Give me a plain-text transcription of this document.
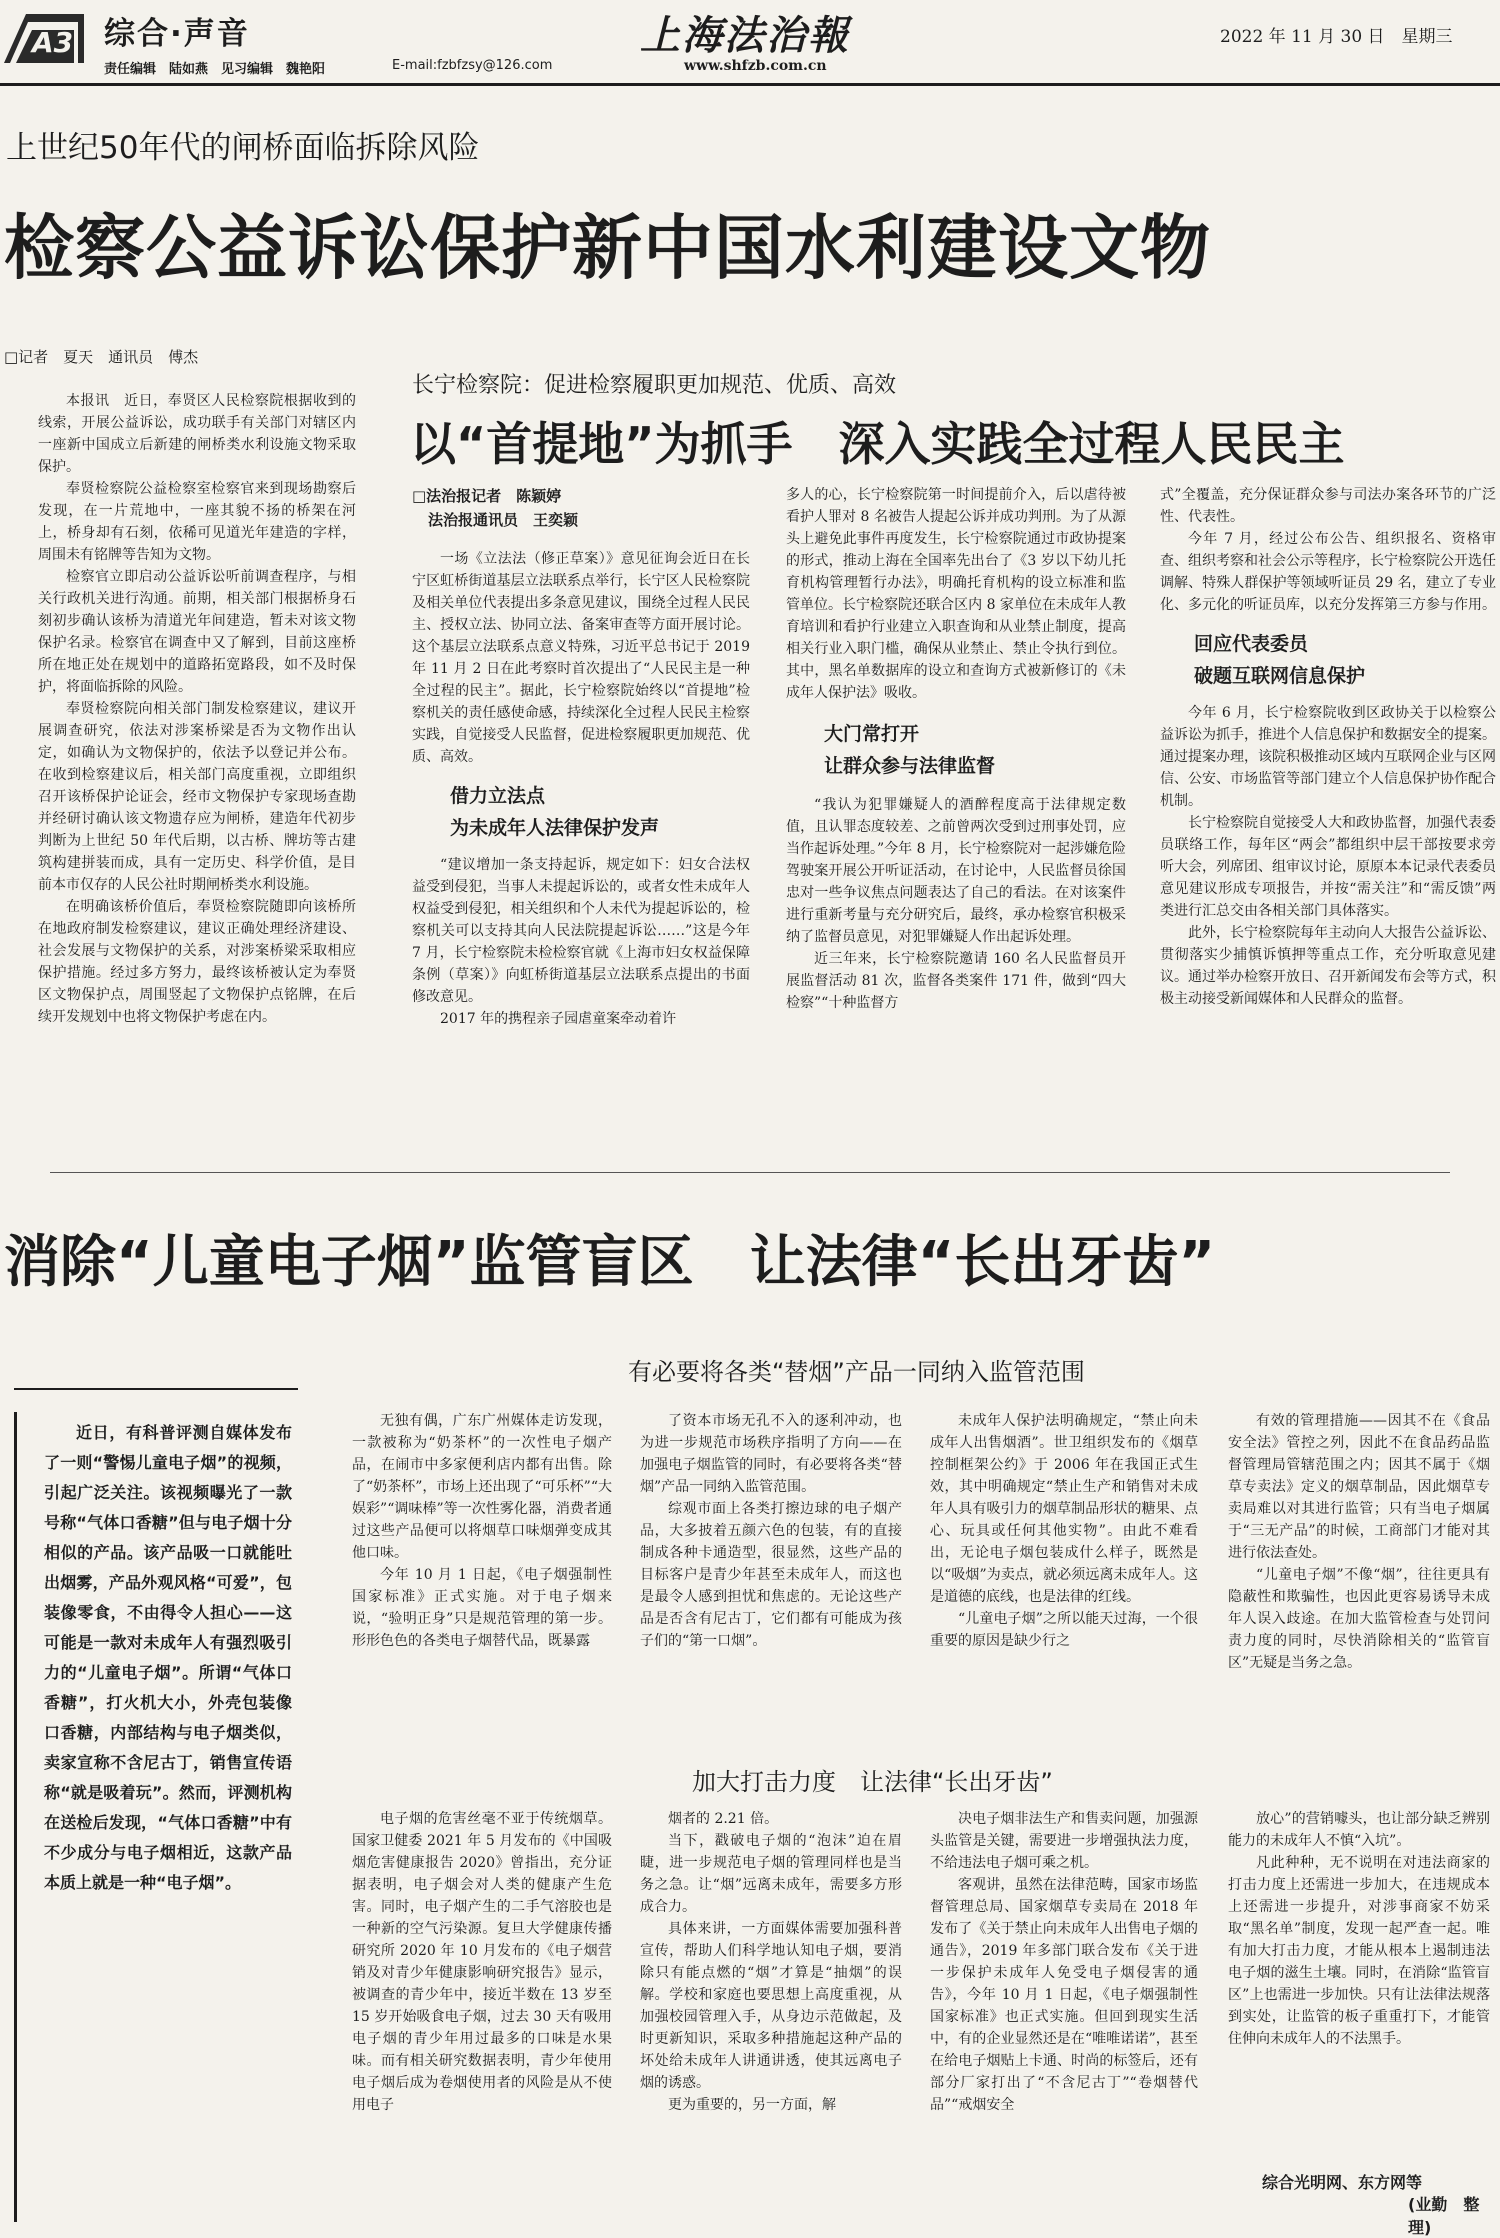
A3 综合·声音
责任编辑　陆如燕　见习编辑　魏艳阳	E-mail:fzbfzsy@126.com
上海法治報
www.shfzb.com.cn
2022 年 11 月 30 日　星期三
上世纪50年代的闸桥面临拆除风险
检察公益诉讼保护新中国水利建设文物
□记者　夏天　通讯员　傅杰

本报讯　近日，奉贤区人民检察院根据收到的线索，开展公益诉讼，成功联手有关部门对辖区内一座新中国成立后新建的闸桥类水利设施文物采取保护。

奉贤检察院公益检察室检察官来到现场勘察后发现，在一片荒地中，一座其貌不扬的桥架在河上，桥身却有石刻，依稀可见道光年建造的字样，周围未有铭牌等告知为文物。

检察官立即启动公益诉讼听前调查程序，与相关行政机关进行沟通。前期，相关部门根据桥身石刻初步确认该桥为清道光年间建造，暂未对该文物保护名录。检察官在调查中又了解到，目前这座桥所在地正处在规划中的道路拓宽路段，如不及时保护，将面临拆除的风险。

奉贤检察院向相关部门制发检察建议，建议开展调查研究，依法对涉案桥梁是否为文物作出认定，如确认为文物保护的，依法予以登记并公布。在收到检察建议后，相关部门高度重视，立即组织召开该桥保护论证会，经市文物保护专家现场查勘并经研讨确认该文物遗存应为闸桥，建造年代初步判断为上世纪 50 年代后期，以古桥、牌坊等古建筑构建拼装而成，具有一定历史、科学价值，是目前本市仅存的人民公社时期闸桥类水利设施。

在明确该桥价值后，奉贤检察院随即向该桥所在地政府制发检察建议，建议正确处理经济建设、社会发展与文物保护的关系，对涉案桥梁采取相应保护措施。经过多方努力，最终该桥被认定为奉贤区文物保护点，周围竖起了文物保护点铭牌，在后续开发规划中也将文物保护考虑在内。

长宁检察院：促进检察履职更加规范、优质、高效
以“首提地”为抓手　深入实践全过程人民民主
□法治报记者　陈颖婷
法治报通讯员　王奕颖

一场《立法法（修正草案）》意见征询会近日在长宁区虹桥街道基层立法联系点举行，长宁区人民检察院及相关单位代表提出多条意见建议，围绕全过程人民民主、授权立法、协同立法、备案审查等方面开展讨论。这个基层立法联系点意义特殊，习近平总书记于 2019 年 11 月 2 日在此考察时首次提出了“人民民主是一种全过程的民主”。据此，长宁检察院始终以“首提地”检察机关的责任感使命感，持续深化全过程人民民主检察实践，自觉接受人民监督，促进检察履职更加规范、优质、高效。

借力立法点
为未成年人法律保护发声

“建议增加一条支持起诉，规定如下：妇女合法权益受到侵犯，当事人未提起诉讼的，或者女性未成年人权益受到侵犯，相关组织和个人未代为提起诉讼的，检察机关可以支持其向人民法院提起诉讼……”这是今年 7 月，长宁检察院未检检察官就《上海市妇女权益保障条例（草案）》向虹桥街道基层立法联系点提出的书面修改意见。

2017 年的携程亲子园虐童案牵动着许

多人的心，长宁检察院第一时间提前介入，后以虐待被看护人罪对 8 名被告人提起公诉并成功判刑。为了从源头上避免此事件再度发生，长宁检察院通过市政协提案的形式，推动上海在全国率先出台了《3 岁以下幼儿托育机构管理暂行办法》，明确托育机构的设立标准和监管单位。长宁检察院还联合区内 8 家单位在未成年人教育培训和看护行业建立入职查询和从业禁止制度，提高相关行业入职门槛，确保从业禁止、禁止令执行到位。其中，黑名单数据库的设立和查询方式被新修订的《未成年人保护法》吸收。

大门常打开
让群众参与法律监督

“我认为犯罪嫌疑人的酒醉程度高于法律规定数值，且认罪态度较差、之前曾两次受到过刑事处罚，应当作起诉处理。”今年 8 月，长宁检察院对一起涉嫌危险驾驶案开展公开听证活动，在讨论中，人民监督员徐国忠对一些争议焦点问题表达了自己的看法。在对该案件进行重新考量与充分研究后，最终，承办检察官积极采纳了监督员意见，对犯罪嫌疑人作出起诉处理。

近三年来，长宁检察院邀请 160 名人民监督员开展监督活动 81 次，监督各类案件 171 件，做到“四大检察”“十种监督方

式”全覆盖，充分保证群众参与司法办案各环节的广泛性、代表性。

今年 7 月，经过公布公告、组织报名、资格审查、组织考察和社会公示等程序，长宁检察院公开选任调解、特殊人群保护等领域听证员 29 名，建立了专业化、多元化的听证员库，以充分发挥第三方参与作用。

回应代表委员
破题互联网信息保护

今年 6 月，长宁检察院收到区政协关于以检察公益诉讼为抓手，推进个人信息保护和数据安全的提案。通过提案办理，该院积极推动区域内互联网企业与区网信、公安、市场监管等部门建立个人信息保护协作配合机制。

长宁检察院自觉接受人大和政协监督，加强代表委员联络工作，每年区“两会”都组织中层干部按要求旁听大会，列席团、组审议讨论，原原本本记录代表委员意见建议形成专项报告，并按“需关注”和“需反馈”两类进行汇总交由各相关部门具体落实。

此外，长宁检察院每年主动向人大报告公益诉讼、贯彻落实少捕慎诉慎押等重点工作，充分听取意见建议。通过举办检察开放日、召开新闻发布会等方式，积极主动接受新闻媒体和人民群众的监督。

消除“儿童电子烟”监管盲区　让法律“长出牙齿”

近日，有科普评测自媒体发布了一则“警惕儿童电子烟”的视频，引起广泛关注。该视频曝光了一款号称“气体口香糖”但与电子烟十分相似的产品。该产品吸一口就能吐出烟雾，产品外观风格“可爱”，包装像零食，不由得令人担心——这可能是一款对未成年人有强烈吸引力的“儿童电子烟”。所谓“气体口香糖”，打火机大小，外壳包装像口香糖，内部结构与电子烟类似，卖家宣称不含尼古丁，销售宣传语称“就是吸着玩”。然而，评测机构在送检后发现，“气体口香糖”中有不少成分与电子烟相近，这款产品本质上就是一种“电子烟”。

有必要将各类“替烟”产品一同纳入监管范围
加大打击力度　让法律“长出牙齿”

无独有偶，广东广州媒体走访发现，一款被称为“奶茶杯”的一次性电子烟产品，在闹市中多家便利店内都有出售。除了“奶茶杯”，市场上还出现了“可乐杯”“大娱彩”“调味棒”等一次性雾化器，消费者通过这些产品便可以将烟草口味烟弹变成其他口味。

今年 10 月 1 日起，《电子烟强制性国家标准》正式实施。对于电子烟来说，“验明正身”只是规范管理的第一步。形形色色的各类电子烟替代品，既暴露

了资本市场无孔不入的逐利冲动，也为进一步规范市场秩序指明了方向——在加强电子烟监管的同时，有必要将各类“替烟”产品一同纳入监管范围。

综观市面上各类打擦边球的电子烟产品，大多披着五颜六色的包装，有的直接制成各种卡通造型，很显然，这些产品的目标客户是青少年甚至未成年人，而这也是最令人感到担忧和焦虑的。无论这些产品是否含有尼古丁，它们都有可能成为孩子们的“第一口烟”。

未成年人保护法明确规定，“禁止向未成年人出售烟酒”。世卫组织发布的《烟草控制框架公约》于 2006 年在我国正式生效，其中明确规定“禁止生产和销售对未成年人具有吸引力的烟草制品形状的糖果、点心、玩具或任何其他实物”。由此不难看出，无论电子烟包装成什么样子，既然是以“吸烟”为卖点，就必须远离未成年人。这是道德的底线，也是法律的红线。

“儿童电子烟”之所以能天过海，一个很重要的原因是缺少行之

有效的管理措施——因其不在《食品安全法》管控之列，因此不在食品药品监督管理局管辖范围之内；因其不属于《烟草专卖法》定义的烟草制品，因此烟草专卖局难以对其进行监管；只有当电子烟属于“三无产品”的时候，工商部门才能对其进行依法查处。

“儿童电子烟”不像“烟”，往往更具有隐蔽性和欺骗性，也因此更容易诱导未成年人误入歧途。在加大监管检查与处罚问责力度的同时，尽快消除相关的“监管盲区”无疑是当务之急。

电子烟的危害丝毫不亚于传统烟草。国家卫健委 2021 年 5 月发布的《中国吸烟危害健康报告 2020》曾指出，充分证据表明，电子烟会对人类的健康产生危害。同时，电子烟产生的二手气溶胶也是一种新的空气污染源。复旦大学健康传播研究所 2020 年 10 月发布的《电子烟营销及对青少年健康影响研究报告》显示，被调查的青少年中，接近半数在 13 岁至 15 岁开始吸食电子烟，过去 30 天有吸用电子烟的青少年用过最多的口味是水果味。而有相关研究数据表明，青少年使用电子烟后成为卷烟使用者的风险是从不使用电子

烟者的 2.21 倍。

当下，戳破电子烟的“泡沫”迫在眉睫，进一步规范电子烟的管理同样也是当务之急。让“烟”远离未成年，需要多方形成合力。

具体来讲，一方面媒体需要加强科普宣传，帮助人们科学地认知电子烟，要消除只有能点燃的“烟”才算是“抽烟”的误解。学校和家庭也要思想上高度重视，从加强校园管理入手，从身边示范做起，及时更新知识，采取多种措施起这种产品的坏处给未成年人讲通讲透，使其远离电子烟的诱惑。

更为重要的，另一方面，解

决电子烟非法生产和售卖问题，加强源头监管是关键，需要进一步增强执法力度，不给违法电子烟可乘之机。

客观讲，虽然在法律范畴，国家市场监督管理总局、国家烟草专卖局在 2018 年发布了《关于禁止向未成年人出售电子烟的通告》，2019 年多部门联合发布《关于进一步保护未成年人免受电子烟侵害的通告》，今年 10 月 1 日起，《电子烟强制性国家标准》也正式实施。但回到现实生活中，有的企业显然还是在“唯唯诺诺”，甚至在给电子烟贴上卡通、时尚的标签后，还有部分厂家打出了“不含尼古丁”“卷烟替代品”“戒烟安全

放心”的营销噱头，也让部分缺乏辨别能力的未成年人不慎“入坑”。

凡此种种，无不说明在对违法商家的打击力度上还需进一步加大，在违规成本上还需进一步提升，对涉事商家不妨采取“黑名单”制度，发现一起严查一起。唯有加大打击力度，才能从根本上遏制违法电子烟的滋生土壤。同时，在消除“监管盲区”上也需进一步加快。只有让法律法规落到实处，让监管的板子重重打下，才能管住伸向未成年人的不法黑手。

综合光明网、东方网等
(业勤　整理)
